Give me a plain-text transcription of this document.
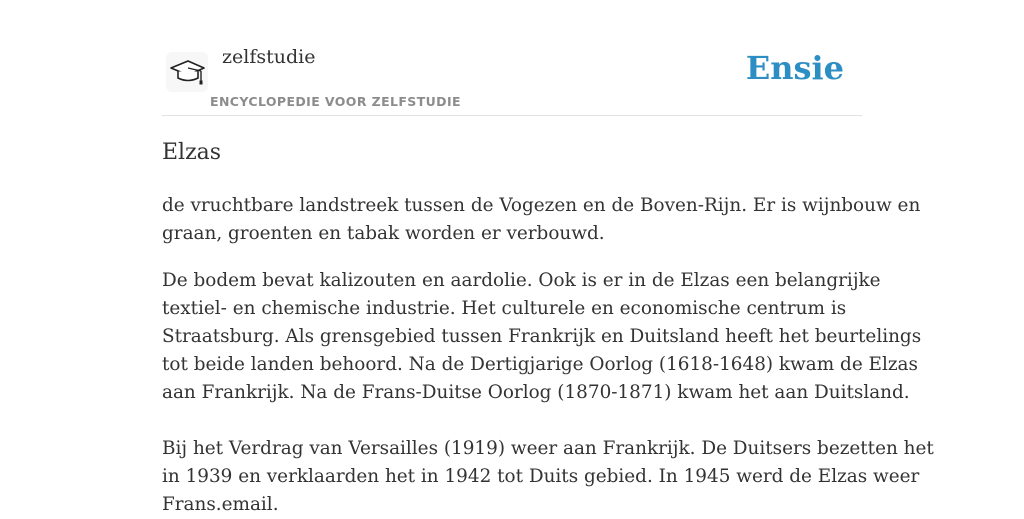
zelfstudie
ENCYCLOPEDIE VOOR ZELFSTUDIE
Ensie
Elzas

de vruchtbare landstreek tussen de Vogezen en de Boven-Rijn. Er is wijnbouw en
graan, groenten en tabak worden er verbouwd.

De bodem bevat kalizouten en aardolie. Ook is er in de Elzas een belangrijke
textiel- en chemische industrie. Het culturele en economische centrum is
Straatsburg. Als grensgebied tussen Frankrijk en Duitsland heeft het beurtelings
tot beide landen behoord. Na de Dertigjarige Oorlog (1618-1648) kwam de Elzas
aan Frankrijk. Na de Frans-Duitse Oorlog (1870-1871) kwam het aan Duitsland.

Bij het Verdrag van Versailles (1919) weer aan Frankrijk. De Duitsers bezetten het
in 1939 en verklaarden het in 1942 tot Duits gebied. In 1945 werd de Elzas weer
Frans.email.
